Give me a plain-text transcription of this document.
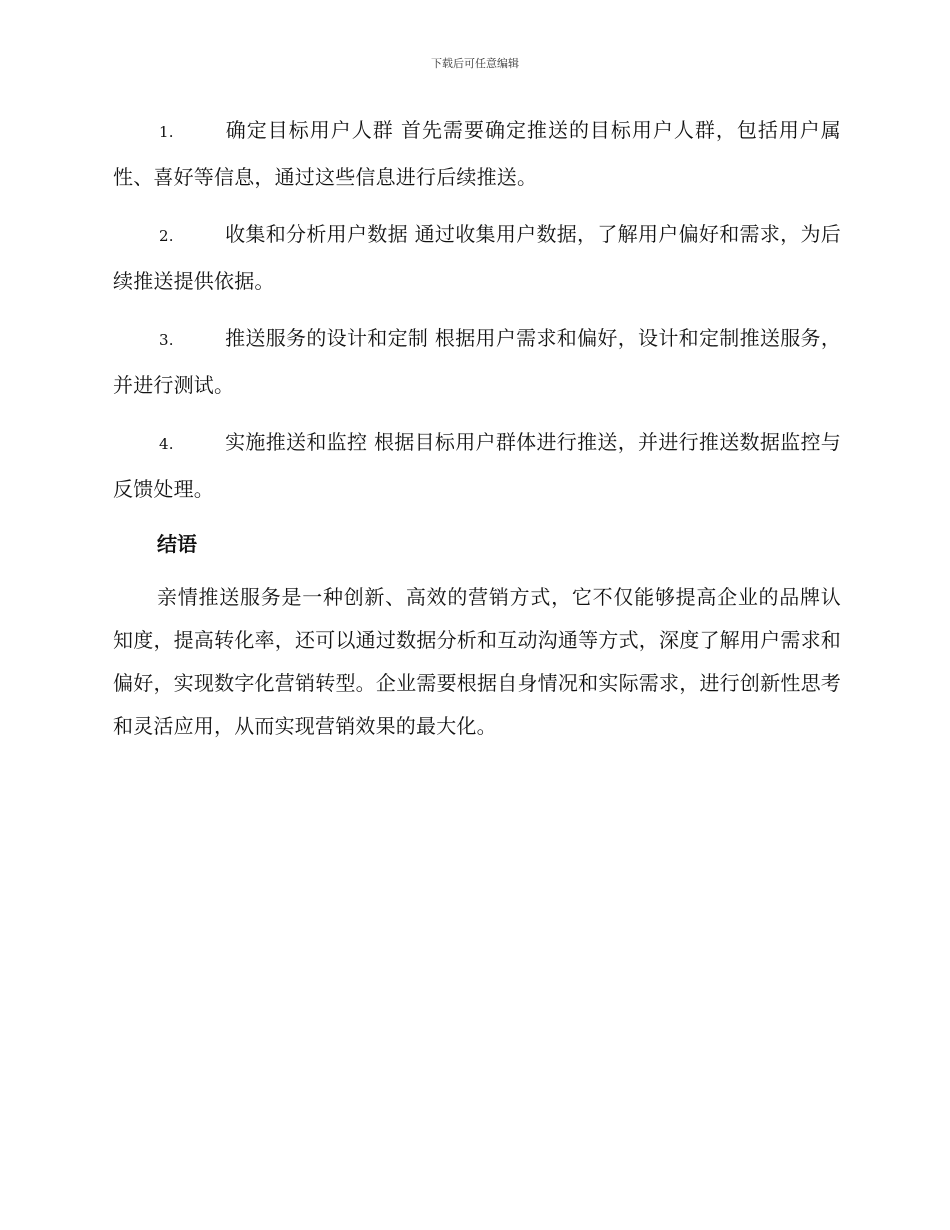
下载后可任意编辑
1.	确定目标用户人群 首先需要确定推送的目标用户人群，包括用户属性、喜好等信息，通过这些信息进行后续推送。
2.	收集和分析用户数据 通过收集用户数据，了解用户偏好和需求，为后续推送提供依据。
3.	推送服务的设计和定制 根据用户需求和偏好，设计和定制推送服务，并进行测试。
4.	实施推送和监控 根据目标用户群体进行推送，并进行推送数据监控与反馈处理。
结语
亲情推送服务是一种创新、高效的营销方式，它不仅能够提高企业的品牌认知度，提高转化率，还可以通过数据分析和互动沟通等方式，深度了解用户需求和偏好，实现数字化营销转型。企业需要根据自身情况和实际需求，进行创新性思考和灵活应用，从而实现营销效果的最大化。
